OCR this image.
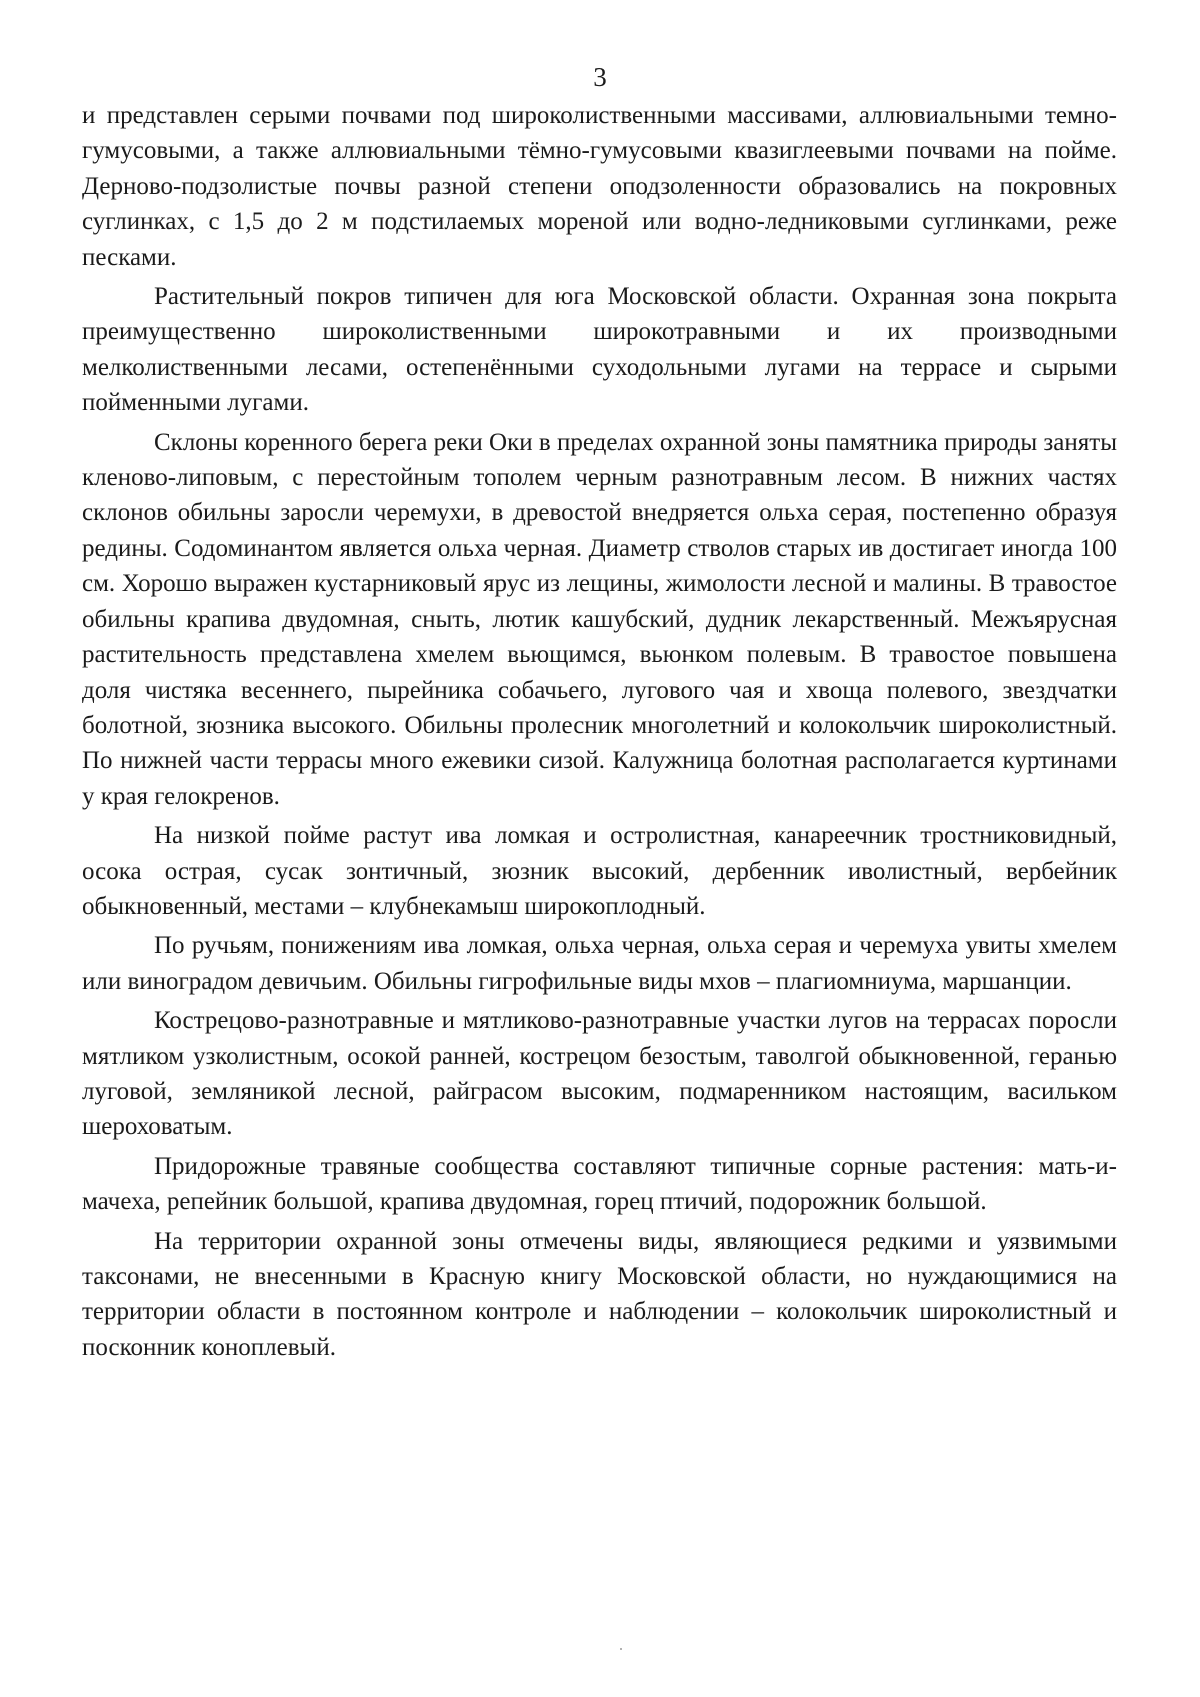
3

и представлен серыми почвами под широколиственными массивами, аллювиальными темно-гумусовыми, а также аллювиальными тёмно-гумусовыми квазиглеевыми почвами на пойме. Дерново-подзолистые почвы разной степени оподзоленности образовались на покровных суглинках, с 1,5 до 2 м подстилаемых мореной или водно-ледниковыми суглинками, реже песками.

Растительный покров типичен для юга Московской области. Охранная зона покрыта преимущественно широколиственными широкотравными и их производными мелколиственными лесами, остепенёнными суходольными лугами на террасе и сырыми пойменными лугами.

Склоны коренного берега реки Оки в пределах охранной зоны памятника природы заняты кленово-липовым, с перестойным тополем черным разнотравным лесом. В нижних частях склонов обильны заросли черемухи, в древостой внедряется ольха серая, постепенно образуя редины. Содоминантом является ольха черная. Диаметр стволов старых ив достигает иногда 100 см. Хорошо выражен кустарниковый ярус из лещины, жимолости лесной и малины. В травостое обильны крапива двудомная, сныть, лютик кашубский, дудник лекарственный. Межъярусная растительность представлена хмелем вьющимся, вьюнком полевым. В травостое повышена доля чистяка весеннего, пырейника собачьего, лугового чая и хвоща полевого, звездчатки болотной, зюзника высокого. Обильны пролесник многолетний и колокольчик широколистный. По нижней части террасы много ежевики сизой. Калужница болотная располагается куртинами у края гелокренов.

На низкой пойме растут ива ломкая и остролистная, канареечник тростниковидный, осока острая, сусак зонтичный, зюзник высокий, дербенник иволистный, вербейник обыкновенный, местами – клубнекамыш широкоплодный.

По ручьям, понижениям ива ломкая, ольха черная, ольха серая и черемуха увиты хмелем или виноградом девичьим. Обильны гигрофильные виды мхов – плагиомниума, маршанции.

Кострецово-разнотравные и мятликово-разнотравные участки лугов на террасах поросли мятликом узколистным, осокой ранней, кострецом безостым, таволгой обыкновенной, геранью луговой, земляникой лесной, райграсом высоким, подмаренником настоящим, васильком шероховатым.

Придорожные травяные сообщества составляют типичные сорные растения: мать-и-мачеха, репейник большой, крапива двудомная, горец птичий, подорожник большой.

На территории охранной зоны отмечены виды, являющиеся редкими и уязвимыми таксонами, не внесенными в Красную книгу Московской области, но нуждающимися на территории области в постоянном контроле и наблюдении – колокольчик широколистный и посконник коноплевый.
